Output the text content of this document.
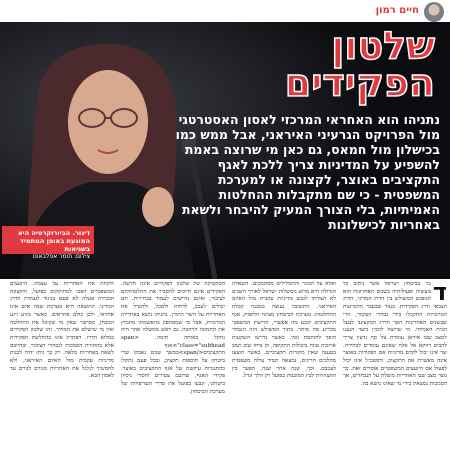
חיים רמון
שלטון
הפקידים
נתניהו הוא האחראי המרכזי לאסון האסטרטגי מול הפרויקט הגרעיני האיראני, אבל ממש כמו בכישלון מול חמאס, גם כאן מי שרוצה באמת להשפיע על המדיניות צריך ללכת לאגף התקציבים באוצר, לקצונה או למערכת המשפטית - כי שם מתקבלות ההחלטות האמיתיות, בלי הצורך המעיק להיבחר ולשאת באחריות לכישלונות
דינור. הביורוקרטיה היא המונעת באופן המתמיד בשגיאות
צילום: תומר אפלבאום
ד
בר בביטחון ישראל אשר ניתוב כל מעשיה ופעולותיה בשנים האחרונות הוא המפגש המשולש בין הדרג המדיני, הדרג הצבאי ודרג הפקידות. בעוד שבעבר ההכרעות המרכזיות התקבלו בידי נבחרי הציבור, הרי שבשנים האחרונות הפך הדרג המקצועי לבעל הבית האמיתי. מי שרוצה להבין כיצד הגענו למצב שבו איראן עומדת על סף גרעין צריך להביט דווקא אל אלה שאינם עומדים לבחירה. שר אינו יכול לקדם מדיניות אם הפקידות באוצר אינה מאשרת את התקציב, ורמטכ״ל אינו יכול לפעול אם היועצים המשפטיים אוסרים זאת. כך נוצר מצב שבו האחריות מוטלת על הנבחרים, אך הסמכות נמצאת בידי מי שאינו נושא בה.
ואלא על הבוגר והתמלילים מסתמכים. השאלה הגדולה היא מדוע ממשלות ישראל לאורך השנים לא הצליחו לגבש מדיניות עקבית מול האיום האיראני. התשובה נעוצה במבנה קבלת ההחלטות: מערכת הביטחון מציגה חלופות, אגף התקציבים קובע מה אפשרי, והייעוץ המשפטי מכריע מה מותר. בתוך המשולש הזה הנבחר הופך לחותמת גומי. כאשר נדרשו השקעות ארוכות טווח ביכולות התקיפה, הן נדחו שוב ושוב בטענה שאין מקורות תקציביים. כאשר הוצעו מהלכים חריגים, נמצאה תמיד עילה משפטית לעכבם. וכך, שנה אחר שנה, הפער בין ההצהרות לבין המוכנות בפועל רק הלך וגדל.
הטקטיקה של שלטון הפקידים אינה חדשה. הפקידים אינם חייבים להסביר את החלטותיהם לציבור, ואינם נדרשים לעמוד בבחירות. הם יכולים לעכב, לדחות ולסכל, ולהטיל את האחריות על השר התורן. נתניהו נושא באחריות המרכזית, אבל מי שמסתפק בהאשמתו מחמיץ את התמונה הרחבה. גם ראש ממשלה אחר היה נתקל באותה חומה. <span class="subhead">אגף התקציבים</span>במשך שנים נאבקו שרי ביטחון על תוספות תקציב, ובכל פעם נתקלו בהתנגדות עיקשת של אגף התקציבים באוצר. פקידי האגף, שרובם צעירים וחסרי ניסיון ביטחוני, קבעו בפועל את סדרי העדיפויות של מערכת הביטחון.
ולקחת את האחריות על עצמה. היועצים המשפטיים הפכו למחוקקים בפועל, והקצונה הבכירה פעלה לא פעם בניגוד לעמדת הדרג המדיני. התוצאה היא מערכת שבה איש אינו אחראי, ולכן כולם אחראים. כאשר מגיע רגע המבחן, מסתבר שאין מי שקיבל את ההחלטה ואין מי שישלם את המחיר. זהו שלטון הפקידים במלוא הדרו. הפתרון אינו בהחלשת הפקידות אלא בהחזרת הסמכות לנבחרי הציבור, ובחיובם לשאת באחריות מלאה. רק כך ניתן יהיה לבנות מדיניות עקבית מול האיום האיראני, ולא להמשיך לגלגל את האחריות מגורם לגורם עד לאסון הבא.
